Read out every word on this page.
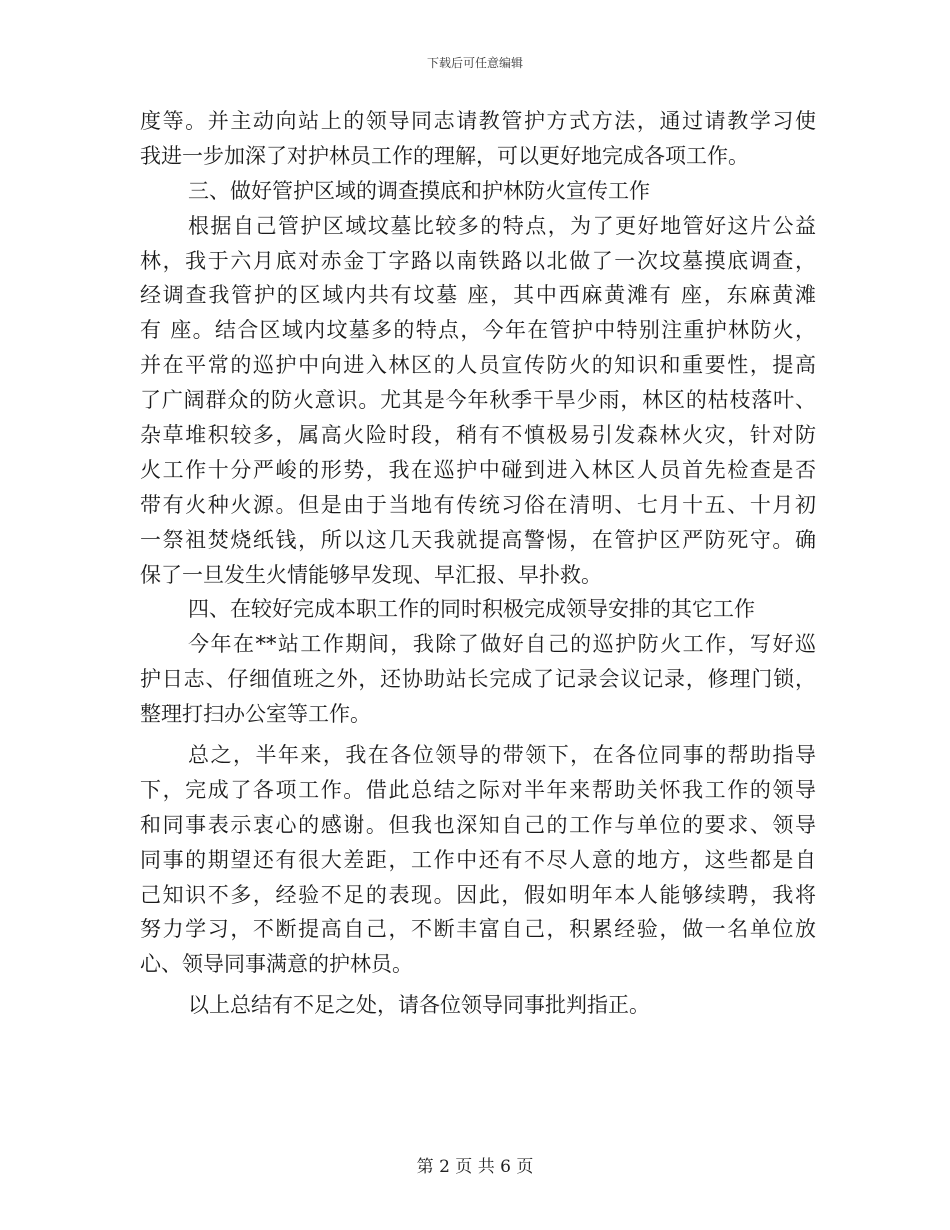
下载后可任意编辑
度等。并主动向站上的领导同志请教管护方式方法，通过请教学习使
我进一步加深了对护林员工作的理解，可以更好地完成各项工作。
三、做好管护区域的调查摸底和护林防火宣传工作
根据自己管护区域坟墓比较多的特点，为了更好地管好这片公益
林，我于六月底对赤金丁字路以南铁路以北做了一次坟墓摸底调查，
经调查我管护的区域内共有坟墓 座，其中西麻黄滩有 座，东麻黄滩
有 座。结合区域内坟墓多的特点，今年在管护中特别注重护林防火，
并在平常的巡护中向进入林区的人员宣传防火的知识和重要性，提高
了广阔群众的防火意识。尤其是今年秋季干旱少雨，林区的枯枝落叶、
杂草堆积较多，属高火险时段，稍有不慎极易引发森林火灾，针对防
火工作十分严峻的形势，我在巡护中碰到进入林区人员首先检查是否
带有火种火源。但是由于当地有传统习俗在清明、七月十五、十月初
一祭祖焚烧纸钱，所以这几天我就提高警惕，在管护区严防死守。确
保了一旦发生火情能够早发现、早汇报、早扑救。
四、在较好完成本职工作的同时积极完成领导安排的其它工作
今年在**站工作期间，我除了做好自己的巡护防火工作，写好巡
护日志、仔细值班之外，还协助站长完成了记录会议记录，修理门锁，
整理打扫办公室等工作。
总之，半年来，我在各位领导的带领下，在各位同事的帮助指导
下，完成了各项工作。借此总结之际对半年来帮助关怀我工作的领导
和同事表示衷心的感谢。但我也深知自己的工作与单位的要求、领导
同事的期望还有很大差距，工作中还有不尽人意的地方，这些都是自
己知识不多，经验不足的表现。因此，假如明年本人能够续聘，我将
努力学习，不断提高自己，不断丰富自己，积累经验，做一名单位放
心、领导同事满意的护林员。
以上总结有不足之处，请各位领导同事批判指正。
第 2 页 共 6 页
